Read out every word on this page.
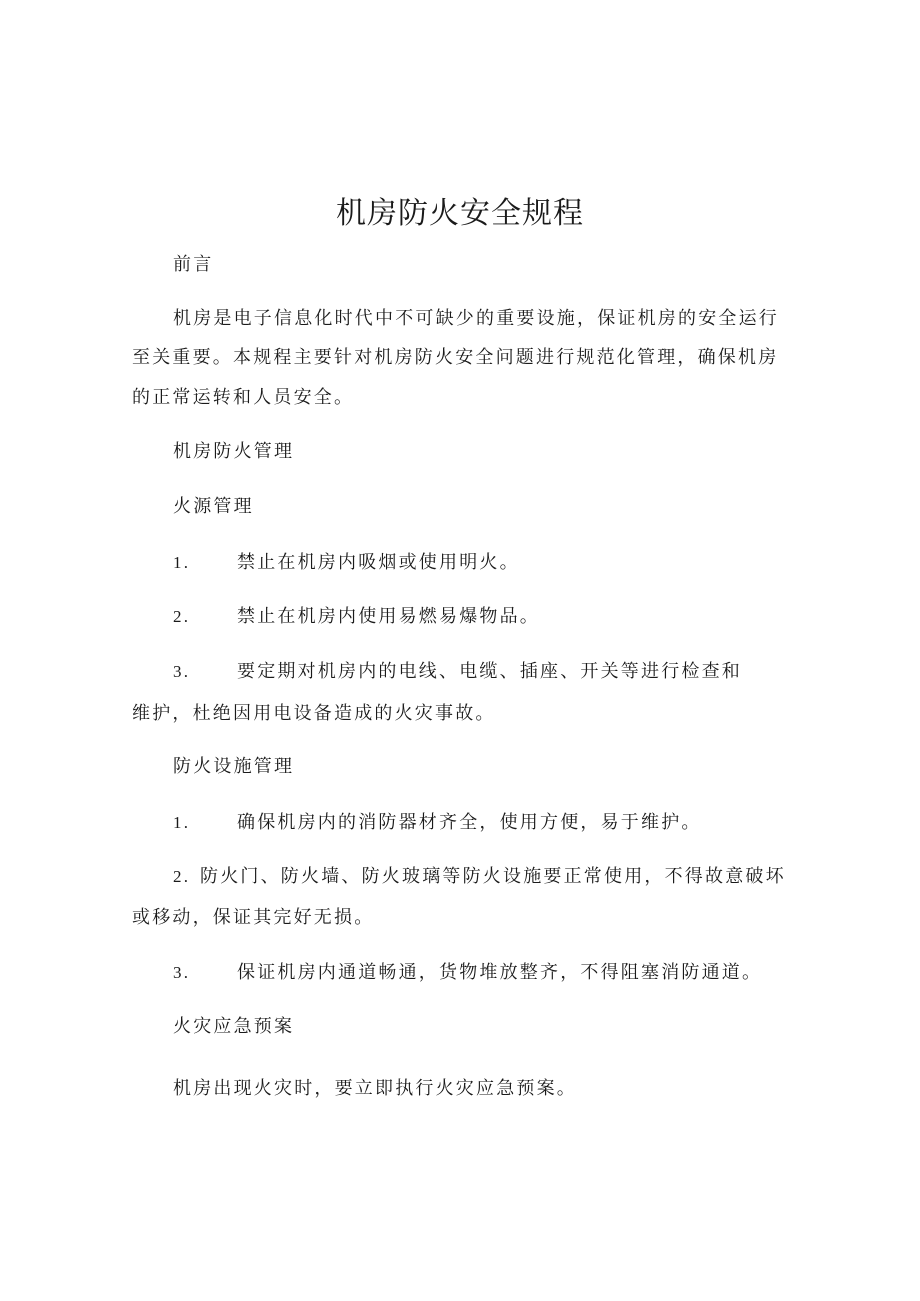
机房防火安全规程

前言

机房是电子信息化时代中不可缺少的重要设施，保证机房的安全运行

至关重要。本规程主要针对机房防火安全问题进行规范化管理，确保机房

的正常运转和人员安全。

机房防火管理

火源管理

1.	禁止在机房内吸烟或使用明火。

2.	禁止在机房内使用易燃易爆物品。

3.	要定期对机房内的电线、电缆、插座、开关等进行检查和

维护，杜绝因用电设备造成的火灾事故。

防火设施管理

1.	确保机房内的消防器材齐全，使用方便，易于维护。

2. 防火门、防火墙、防火玻璃等防火设施要正常使用，不得故意破坏

或移动，保证其完好无损。

3.	保证机房内通道畅通，货物堆放整齐，不得阻塞消防通道。

火灾应急预案

机房出现火灾时，要立即执行火灾应急预案。
